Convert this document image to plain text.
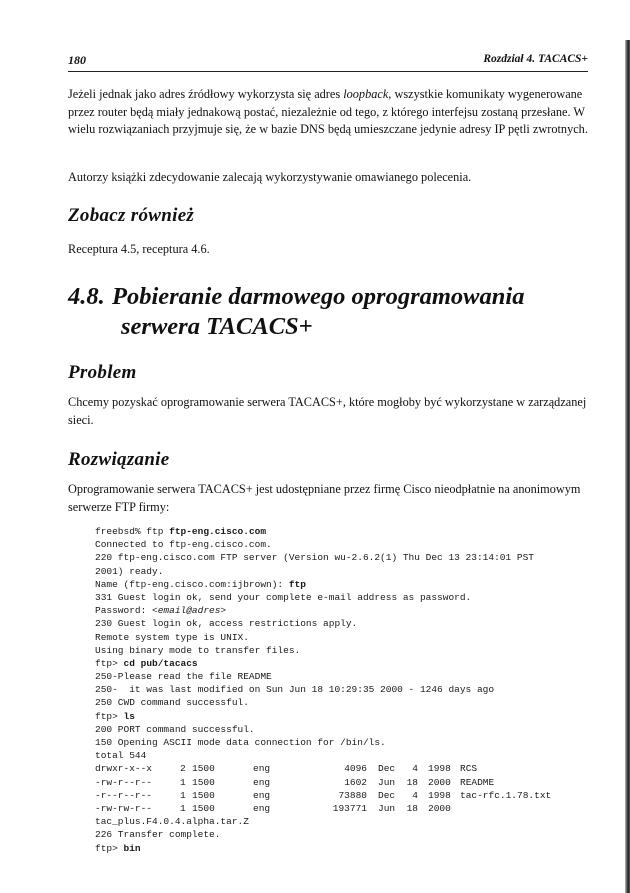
180	Rozdział 4. TACACS+

Jeżeli jednak jako adres źródłowy wykorzysta się adres loopback, wszystkie komunikaty wygenerowane przez router będą miały jednakową postać, niezależnie od tego, z którego interfejsu zostaną przesłane. W wielu rozwiązaniach przyjmuje się, że w bazie DNS będą umieszczane jedynie adresy IP pętli zwrotnych.

Autorzy książki zdecydowanie zalecają wykorzystywanie omawianego polecenia.

Zobacz również

Receptura 4.5, receptura 4.6.

4.8. Pobieranie darmowego oprogramowania
serwera TACACS+
Problem

Chcemy pozyskać oprogramowanie serwera TACACS+, które mogłoby być wykorzystane w zarządzanej sieci.

Rozwiązanie

Oprogramowanie serwera TACACS+ jest udostępniane przez firmę Cisco nieodpłatnie na anonimowym serwerze FTP firmy:

freebsd% ftp ftp-eng.cisco.com
Connected to ftp-eng.cisco.com.
220 ftp-eng.cisco.com FTP server (Version wu-2.6.2(1) Thu Dec 13 23:14:01 PST
2001) ready.
Name (ftp-eng.cisco.com:ijbrown): ftp
331 Guest login ok, send your complete e-mail address as password.
Password: <email@adres>
230 Guest login ok, access restrictions apply.
Remote system type is UNIX.
Using binary mode to transfer files.
ftp> cd pub/tacacs
250-Please read the file README
250-  it was last modified on Sun Jun 18 10:29:35 2000 - 1246 days ago
250 CWD command successful.
ftp> ls
200 PORT command successful.
150 Opening ASCII mode data connection for /bin/ls.
total 544
drwxr-x--x	2 1500	eng	4096 Dec	4 1998 RCS
-rw-r--r--	1 1500	eng	1602 Jun 18 2000 README
-r--r--r--	1 1500	eng	73880 Dec	4 1998 tac-rfc.1.78.txt
-rw-rw-r--	1 1500	eng	193771 Jun 18 2000
tac_plus.F4.0.4.alpha.tar.Z
226 Transfer complete.
ftp> bin
